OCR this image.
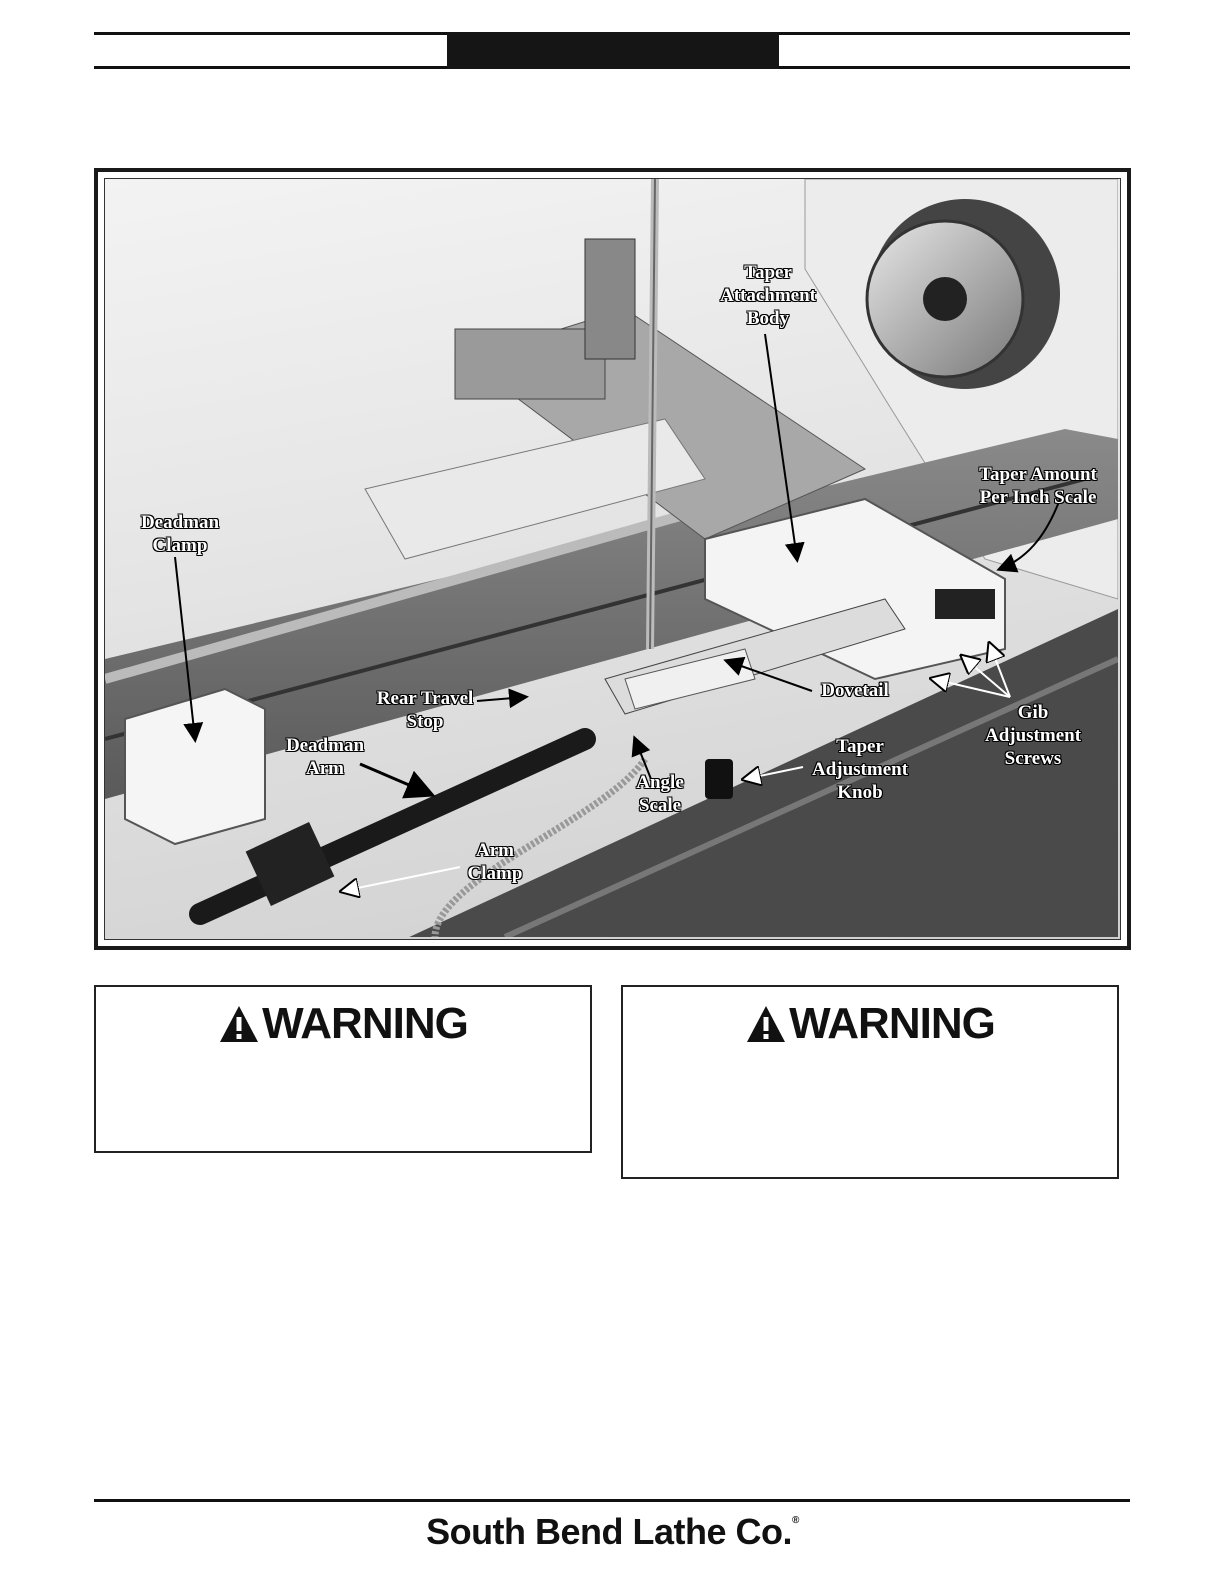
Taper
Attachment
Body
Taper Amount
Per Inch Scale
Deadman
Clamp
Rear Travel
Stop
Dovetail
Gib
Adjustment
Screws
Deadman
Arm
Taper
Adjustment
Knob
Angle
Scale
Arm
Clamp
WARNING	WARNING
South Bend Lathe Co.®
